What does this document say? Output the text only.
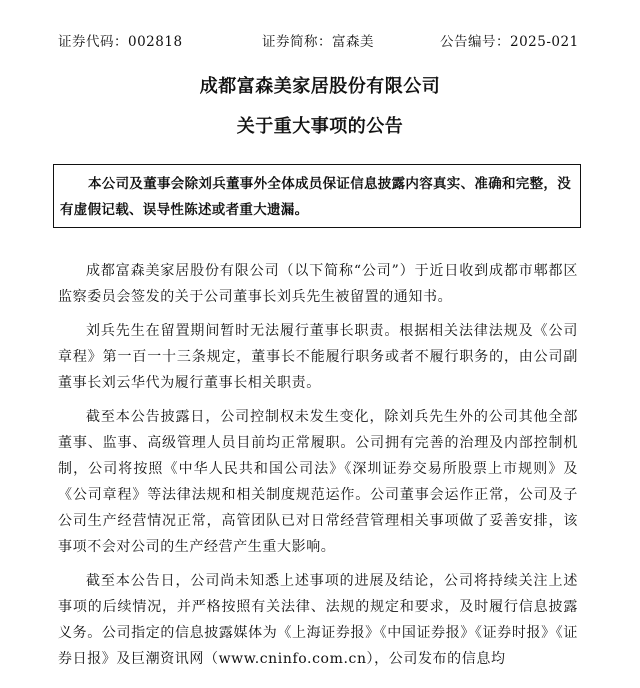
证券代码：002818	证券简称：富森美	公告编号：2025-021
成都富森美家居股份有限公司
关于重大事项的公告
本公司及董事会除刘兵董事外全体成员保证信息披露内容真实、准确和完整，没有虚假记载、误导性陈述或者重大遗漏。

成都富森美家居股份有限公司（以下简称“公司”）于近日收到成都市郫都区监察委员会签发的关于公司董事长刘兵先生被留置的通知书。

刘兵先生在留置期间暂时无法履行董事长职责。根据相关法律法规及《公司章程》第一百一十三条规定，董事长不能履行职务或者不履行职务的，由公司副董事长刘云华代为履行董事长相关职责。

截至本公告披露日，公司控制权未发生变化，除刘兵先生外的公司其他全部董事、监事、高级管理人员目前均正常履职。公司拥有完善的治理及内部控制机制，公司将按照《中华人民共和国公司法》《深圳证券交易所股票上市规则》及《公司章程》等法律法规和相关制度规范运作。公司董事会运作正常，公司及子公司生产经营情况正常，高管团队已对日常经营管理相关事项做了妥善安排，该事项不会对公司的生产经营产生重大影响。

截至本公告日，公司尚未知悉上述事项的进展及结论，公司将持续关注上述事项的后续情况，并严格按照有关法律、法规的规定和要求，及时履行信息披露义务。公司指定的信息披露媒体为《上海证券报》《中国证券报》《证券时报》《证券日报》及巨潮资讯网（www.cninfo.com.cn），公司发布的信息均
